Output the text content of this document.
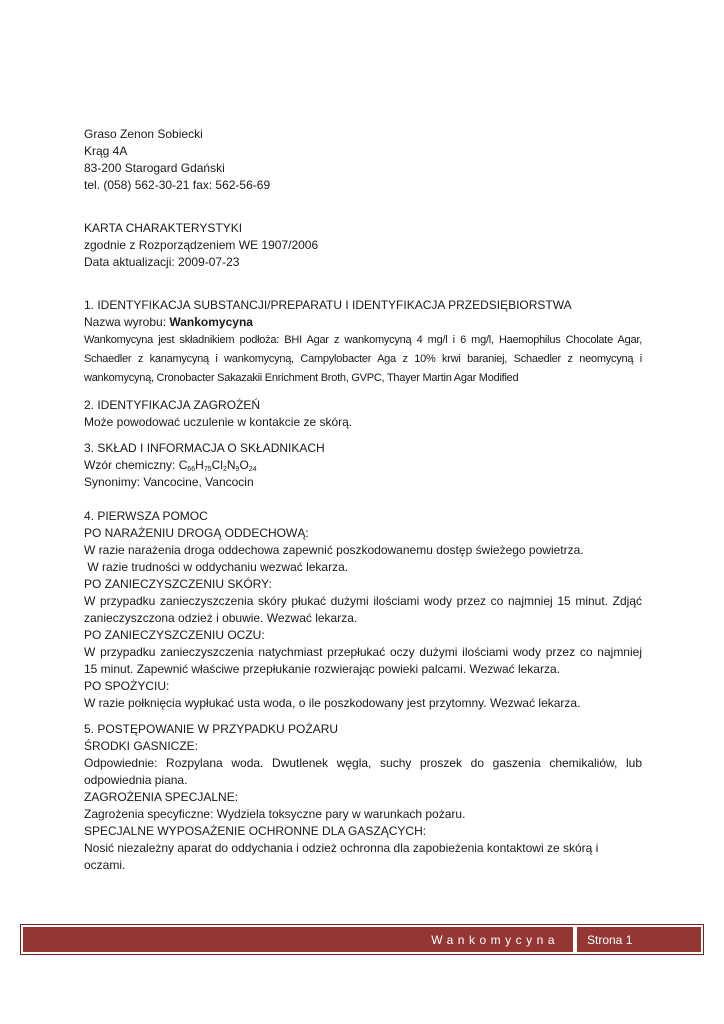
Graso Zenon Sobiecki

Krąg 4A

83-200 Starogard Gdański

tel. (058) 562-30-21 fax: 562-56-69

KARTA CHARAKTERYSTYKI

zgodnie z Rozporządzeniem WE 1907/2006

Data aktualizacji: 2009-07-23

1. IDENTYFIKACJA SUBSTANCJI/PREPARATU I IDENTYFIKACJA PRZEDSIĘBIORSTWA

Nazwa wyrobu: Wankomycyna

Wankomycyna jest składnikiem podłoża: BHI Agar z wankomycyną 4 mg/l i 6 mg/l, Haemophilus Chocolate Agar, Schaedler z kanamycyną i wankomycyną, Campylobacter Aga z 10% krwi baraniej, Schaedler z neomycyną i wankomycyną, Cronobacter Sakazakii Enrichment Broth, GVPC, Thayer Martin Agar Modified

2. IDENTYFIKACJA ZAGROŻEŃ

Może powodować uczulenie w kontakcie ze skórą.

3. SKŁAD I INFORMACJA O SKŁADNIKACH

Wzór chemiczny: $C_{66}H_{75}Cl_2N_9O_{24}$

Synonimy: Vancocine, Vancocin

4. PIERWSZA POMOC

PO NARAŻENIU DROGĄ ODDECHOWĄ:

W razie narażenia droga oddechowa zapewnić poszkodowanemu dostęp świeżego powietrza.

W razie trudności w oddychaniu wezwać lekarza.

PO ZANIECZYSZCZENIU SKÓRY:

W przypadku zanieczyszczenia skóry płukać dużymi ilościami wody przez co najmniej 15 minut. Zdjąć zanieczyszczona odzież i obuwie. Wezwać lekarza.

PO ZANIECZYSZCZENIU OCZU:

W przypadku zanieczyszczenia natychmiast przepłukać oczy dużymi ilościami wody przez co najmniej 15 minut. Zapewnić właściwe przepłukanie rozwierając powieki palcami. Wezwać lekarza.

PO SPOŻYCIU:

W razie połknięcia wypłukać usta woda, o ile poszkodowany jest przytomny. Wezwać lekarza.

5. POSTĘPOWANIE W PRZYPADKU POŻARU

ŚRODKI GASNICZE:

Odpowiednie: Rozpylana woda. Dwutlenek węgla, suchy proszek do gaszenia chemikaliów, lub odpowiednia piana.

ZAGROŻENIA SPECJALNE:

Zagrożenia specyficzne: Wydziela toksyczne pary w warunkach pożaru.

SPECJALNE WYPOSAŻENIE OCHRONNE DLA GASZĄCYCH:

Nosić niezależny aparat do oddychania i odzież ochronna dla zapobieżenia kontaktowi ze skórą i oczami.

Wankomycyna	Strona 1
